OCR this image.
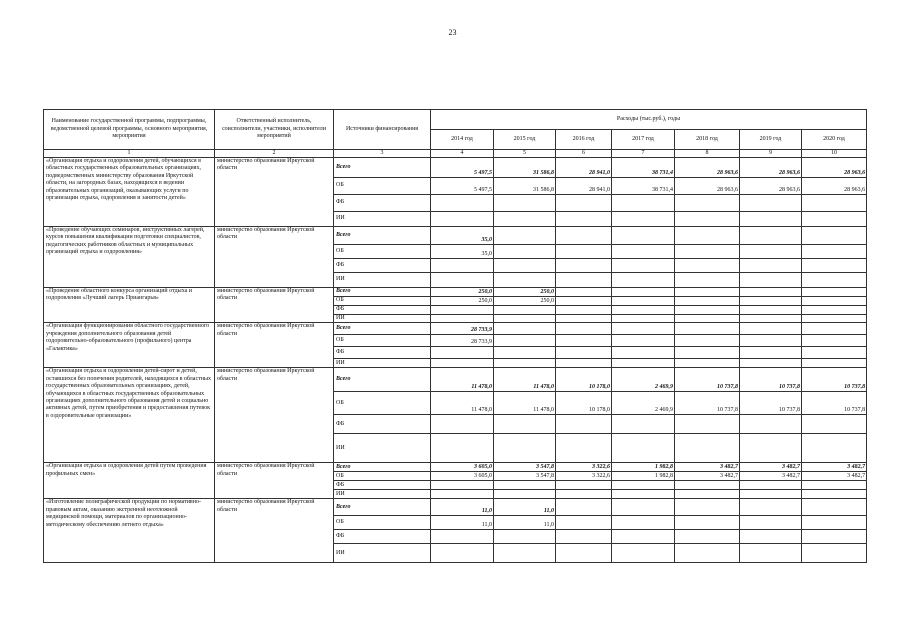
23
Наименование государственной программы, подпрограммы, ведомственной целевой программы, основного мероприятия, мероприятия	Ответственный исполнитель, соисполнители, участники, исполнители мероприятий	Источники финансирования	Расходы (тыс.руб.), годы						
			2014 год	2015 год	2016 год	2017 год	2018 год	2019 год	2020 год
1	2	3	4	5	6	7	8	9	10
«Организация отдыха и оздоровления детей, обучающихся в областных государственных образовательных организациях, подведомственных министерству образования Иркутской области, на загородных базах, находящихся в ведении образовательных организаций, оказывающих услуги по организации отдыха, оздоровления и занятости детей»	министерство образования Иркутской области	Всего	5 497,5	31 586,8	28 941,0	38 731,4	28 963,6	28 963,6	28 963,6
		ОБ	5 497,5	31 586,8	28 941,0	38 731,4	28 963,6	28 963,6	28 963,6
		ФБ							
		ИИ							
«Проведение обучающих семинаров, инструктивных лагерей, курсов повышения квалификации подготовки специалистов, педагогических работников областных и муниципальных организаций отдыха и оздоровления»	министерство образования Иркутской области	Всего	35,0						
		ОБ	35,0						
		ФБ							
		ИИ							
«Проведение областного конкурса организаций отдыха и оздоровления «Лучший лагерь Приангарья»	министерство образования Иркутской области	Всего	250,0	250,0					
		ОБ	250,0	250,0					
		ФБ							
		ИИ							
«Организация функционирования областного государственного учреждения дополнительного образования детей оздоровительно-образовательного (профильного) центра «Галактика»	министерство образования Иркутской области	Всего	28 733,9						
		ОБ	28 733,9						
		ФБ							
		ИИ							
«Организация отдыха и оздоровления детей-сирот и детей, оставшихся без попечения родителей, находящихся в областных государственных образовательных организациях, детей, обучающихся в областных государственных образовательных организациях дополнительного образования детей и социально активных детей, путем приобретения и предоставления путевок в оздоровительные организации»	министерство образования Иркутской области	Всего	11 478,0	11 478,0	10 178,0	2 469,9	10 737,8	10 737,8	10 737,8
		ОБ	11 478,0	11 478,0	10 178,0	2 469,9	10 737,8	10 737,8	10 737,8
		ФБ							
		ИИ							
«Организация отдыха и оздоровления детей путем проведения профильных смен»	министерство образования Иркутской области	Всего	3 605,0	3 547,8	3 322,6	1 982,8	3 482,7	3 482,7	3 482,7
		ОБ	3 605,0	3 547,8	3 322,6	1 982,8	3 482,7	3 482,7	3 482,7
		ФБ							
		ИИ							
«Изготовление полиграфической продукции по нормативно-правовым актам, оказанию экстренной неотложной медицинской помощи, материалов по организационно-методическому обеспечению летнего отдыха»	министерство образования Иркутской области	Всего	11,0	11,0					
		ОБ	11,0	11,0					
		ФБ							
		ИИ							
